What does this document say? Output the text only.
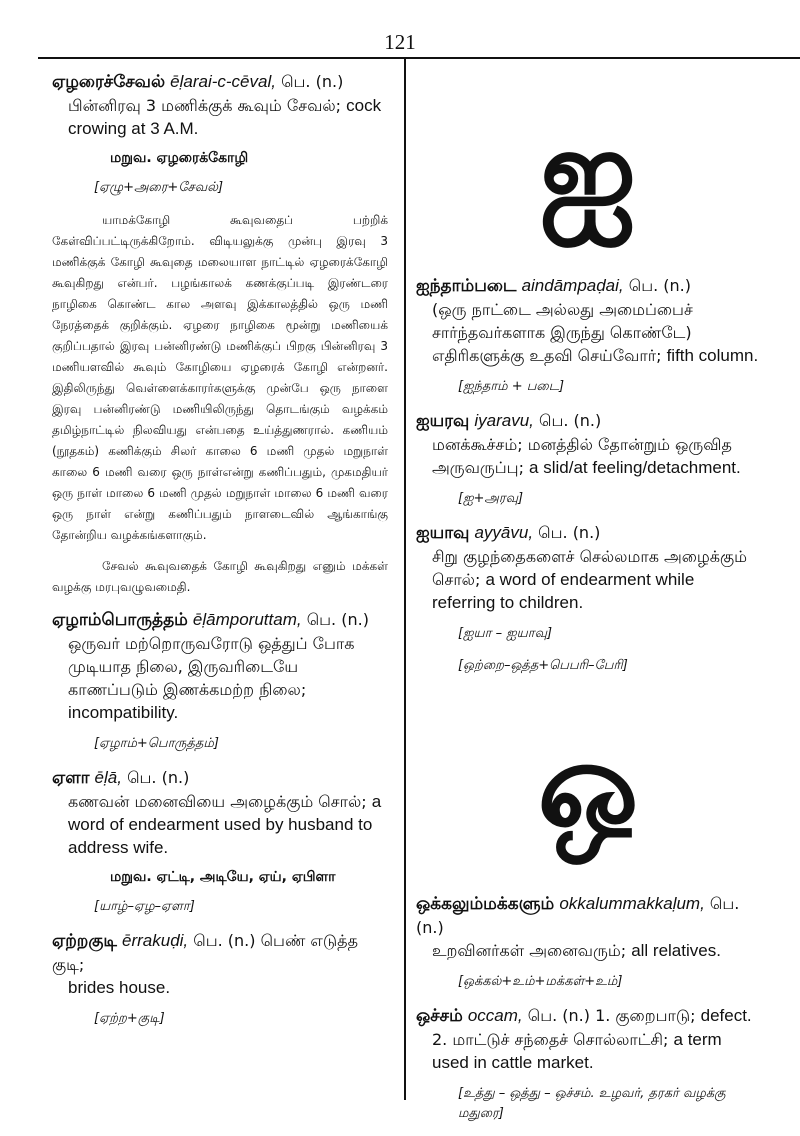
121
ஏழரைச்சேவல் ēḷarai-c-cēval, பெ. (n.)
பின்னிரவு 3 மணிக்குக் கூவும் சேவல்; cock crowing at 3 A.M.
மறுவ. ஏழரைக்கோழி
[ஏழு+அரை+சேவல்]
யாமக்கோழி கூவுவதைப் பற்றிக் கேள்விப்பட்டிருக்கிறோம். விடியலுக்கு முன்பு இரவு 3 மணிக்குக் கோழி கூவுதை மலையாள நாட்டில் ஏழரைக்கோழி கூவுகிறது என்பர். பழங்காலக் கணக்குப்படி இரண்டரை நாழிகை கொண்ட கால அளவு இக்காலத்தில் ஒரு மணி நேரத்தைக் குறிக்கும். ஏழரை நாழிகை மூன்று மணியைக் குறிப்பதால் இரவு பன்னிரண்டு மணிக்குப் பிறகு பின்னிரவு 3 மணியளவில் கூவும் கோழியை ஏழரைக் கோழி என்றனர். இதிலிருந்து வெள்ளைக்காரர்களுக்கு முன்பே ஒரு நாளை இரவு பன்னிரண்டு மணியிலிருந்து தொடங்கும் வழக்கம் தமிழ்நாட்டில் நிலவியது என்பதை உய்த்துணரால். கணியம் (நூதகம்) கணிக்கும் சிலர் காலை 6 மணி முதல் மறுநாள் காலை 6 மணி வரை ஒரு நாள்என்று கணிப்பதும், முகமதியர் ஒரு நாள் மாலை 6 மணி முதல் மறுநாள் மாலை 6 மணி வரை ஒரு நாள் என்று கணிப்பதும் நாளடைவில் ஆங்காங்கு தோன்றிய வழக்கங்களாகும்.
சேவல் கூவுவதைக் கோழி கூவுகிறது எனும் மக்கள் வழக்கு மரபுவழுவமைதி.
ஏழாம்பொருத்தம் ēḷāmporuttam, பெ. (n.)
ஒருவர் மற்றொருவரோடு ஒத்துப் போக முடியாத நிலை, இருவரிடையே காணப்படும் இணக்கமற்ற நிலை; incompatibility.
[ஏழாம்+பொருத்தம்]
ஏளா ēḷā, பெ. (n.)
கணவன் மனைவியை அழைக்கும் சொல்; a word of endearment used by husband to address wife.
மறுவ. ஏட்டி, அடியே, ஏய், ஏபிளா
[யாழ்–ஏழ–ஏளா]
ஏற்றகுடி ērrakuḍi, பெ. (n.) பெண் எடுத்த குடி;
brides house.
[ஏற்ற+குடி]
ஐ
ஐந்தாம்படை aindāmpaḍai, பெ. (n.)
(ஒரு நாட்டை அல்லது அமைப்பைச் சார்ந்தவர்களாக இருந்து கொண்டே) எதிரிகளுக்கு உதவி செய்வோர்; fifth column.
[ஐந்தாம் + படை]
ஐயரவு iyaravu, பெ. (n.)
மனக்கூச்சம்; மனத்தில் தோன்றும் ஒருவித அருவருப்பு; a slid/at feeling/detachment.
[ஐ+அரவு]
ஐயாவு ayyāvu, பெ. (n.)
சிறு குழந்தைகளைச் செல்லமாக அழைக்கும் சொல்; a word of endearment while referring to children.
[ஐயா – ஐயாவு]
[ஒற்றை–ஒத்த+பெபரி–பேரி]
ஒ
ஒக்கலும்மக்களும் okkalummakkaḷum, பெ. (n.)
உறவினர்கள் அனைவரும்; all relatives.
[ஒக்கல்+உம்+மக்கள்+உம்]
ஒச்சம் occam, பெ. (n.) 1. குறைபாடு; defect.
2. மாட்டுச் சந்தைச் சொல்லாட்சி; a term used in cattle market.
[உத்து – ஒத்து – ஒச்சம். உழவர், தரகர் வழக்கு மதுரை]
